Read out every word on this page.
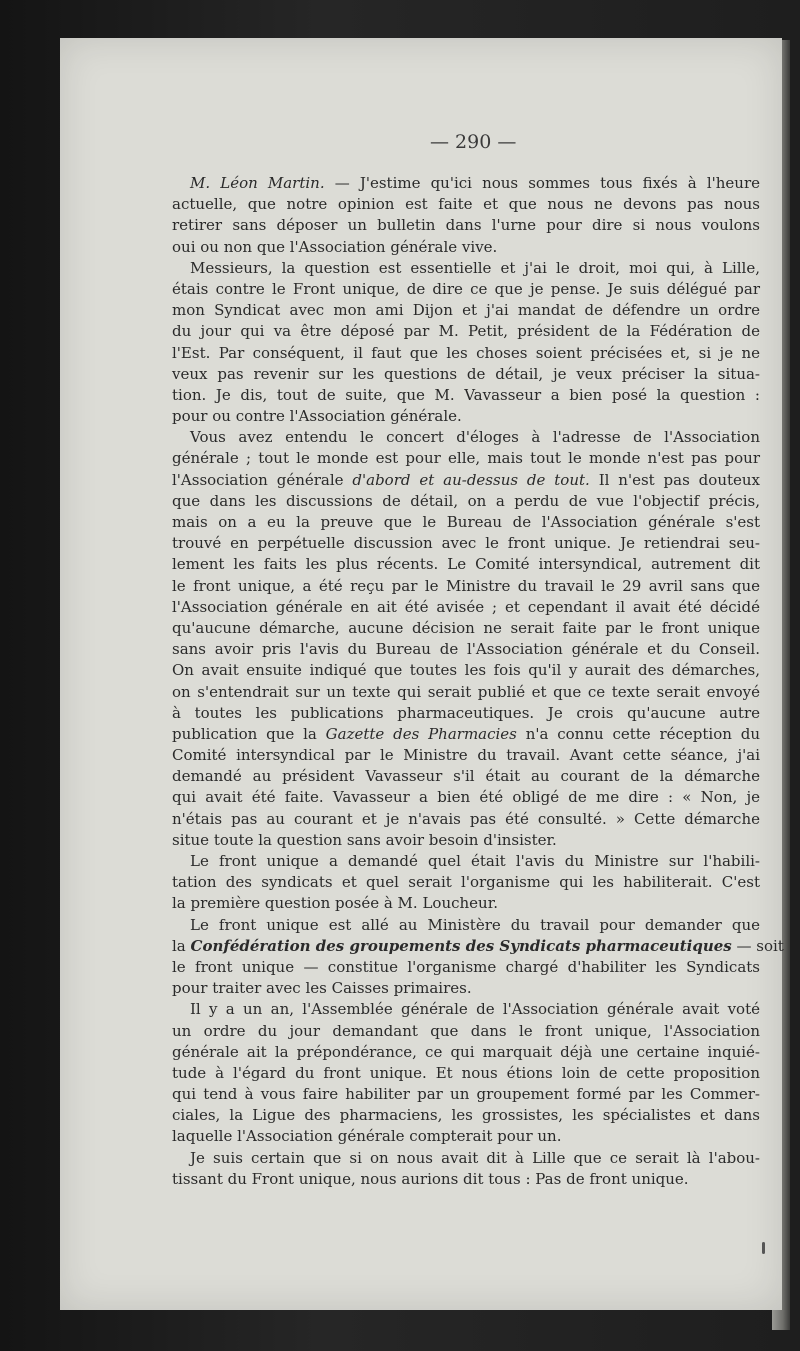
— 290 —
M. Léon Martin. — J'estime qu'ici nous sommes tous fixés à l'heure
actuelle, que notre opinion est faite et que nous ne devons pas nous
retirer sans déposer un bulletin dans l'urne pour dire si nous voulons
oui ou non que l'Association générale vive.
Messieurs, la question est essentielle et j'ai le droit, moi qui, à Lille,
étais contre le Front unique, de dire ce que je pense. Je suis délégué par
mon Syndicat avec mon ami Dijon et j'ai mandat de défendre un ordre
du jour qui va être déposé par M. Petit, président de la Fédération de
l'Est. Par conséquent, il faut que les choses soient précisées et, si je ne
veux pas revenir sur les questions de détail, je veux préciser la situa-
tion. Je dis, tout de suite, que M. Vavasseur a bien posé la question :
pour ou contre l'Association générale.
Vous avez entendu le concert d'éloges à l'adresse de l'Association
générale ; tout le monde est pour elle, mais tout le monde n'est pas pour
l'Association générale d'abord et au-dessus de tout. Il n'est pas douteux
que dans les discussions de détail, on a perdu de vue l'objectif précis,
mais on a eu la preuve que le Bureau de l'Association générale s'est
trouvé en perpétuelle discussion avec le front unique. Je retiendrai seu-
lement les faits les plus récents. Le Comité intersyndical, autrement dit
le front unique, a été reçu par le Ministre du travail le 29 avril sans que
l'Association générale en ait été avisée ; et cependant il avait été décidé
qu'aucune démarche, aucune décision ne serait faite par le front unique
sans avoir pris l'avis du Bureau de l'Association générale et du Conseil.
On avait ensuite indiqué que toutes les fois qu'il y aurait des démarches,
on s'entendrait sur un texte qui serait publié et que ce texte serait envoyé
à toutes les publications pharmaceutiques. Je crois qu'aucune autre
publication que la Gazette des Pharmacies n'a connu cette réception du
Comité intersyndical par le Ministre du travail. Avant cette séance, j'ai
demandé au président Vavasseur s'il était au courant de la démarche
qui avait été faite. Vavasseur a bien été obligé de me dire : « Non, je
n'étais pas au courant et je n'avais pas été consulté. » Cette démarche
situe toute la question sans avoir besoin d'insister.
Le front unique a demandé quel était l'avis du Ministre sur l'habili-
tation des syndicats et quel serait l'organisme qui les habiliterait. C'est
la première question posée à M. Loucheur.
Le front unique est allé au Ministère du travail pour demander que
la Confédération des groupements des Syndicats pharmaceutiques — soit
le front unique — constitue l'organisme chargé d'habiliter les Syndicats
pour traiter avec les Caisses primaires.
Il y a un an, l'Assemblée générale de l'Association générale avait voté
un ordre du jour demandant que dans le front unique, l'Association
générale ait la prépondérance, ce qui marquait déjà une certaine inquié-
tude à l'égard du front unique. Et nous étions loin de cette proposition
qui tend à vous faire habiliter par un groupement formé par les Commer-
ciales, la Ligue des pharmaciens, les grossistes, les spécialistes et dans
laquelle l'Association générale compterait pour un.
Je suis certain que si on nous avait dit à Lille que ce serait là l'abou-
tissant du Front unique, nous aurions dit tous : Pas de front unique.
